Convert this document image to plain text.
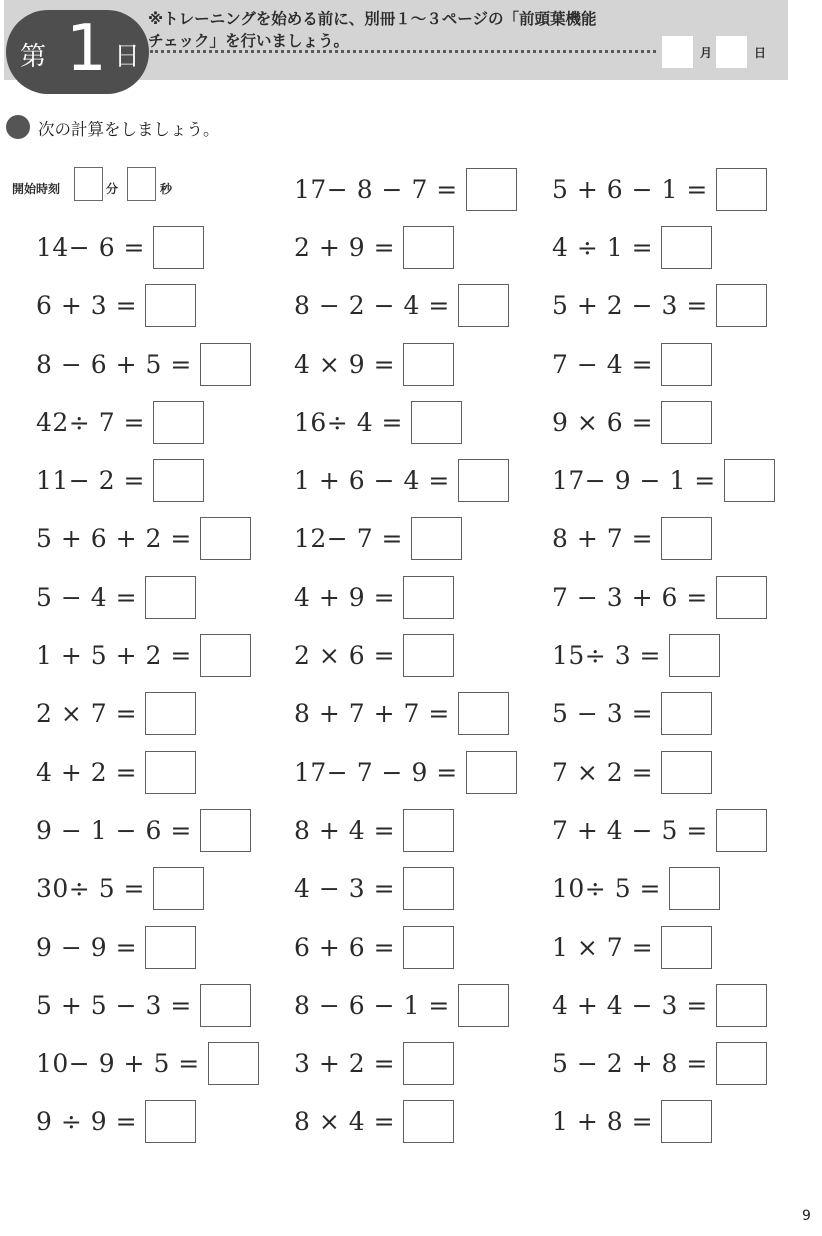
第 1 日
※トレーニングを始める前に、別冊１～３ページの「前頭葉機能
チェック」を行いましょう。
月	日
次の計算をしましょう。
開始時刻	分	秒
14− 6 =
6 + 3 =
8 − 6 + 5 =
42÷ 7 =
11− 2 =
5 + 6 + 2 =
5 − 4 =
1 + 5 + 2 =
2 × 7 =
4 + 2 =
9 − 1 − 6 =
30÷ 5 =
9 − 9 =
5 + 5 − 3 =
10− 9 + 5 =
9 ÷ 9 =
17− 8 − 7 =
2 + 9 =
8 − 2 − 4 =
4 × 9 =
16÷ 4 =
1 + 6 − 4 =
12− 7 =
4 + 9 =
2 × 6 =
8 + 7 + 7 =
17− 7 − 9 =
8 + 4 =
4 − 3 =
6 + 6 =
8 − 6 − 1 =
3 + 2 =
8 × 4 =
5 + 6 − 1 =
4 ÷ 1 =
5 + 2 − 3 =
7 − 4 =
9 × 6 =
17− 9 − 1 =
8 + 7 =
7 − 3 + 6 =
15÷ 3 =
5 − 3 =
7 × 2 =
7 + 4 − 5 =
10÷ 5 =
1 × 7 =
4 + 4 − 3 =
5 − 2 + 8 =
1 + 8 =
9
